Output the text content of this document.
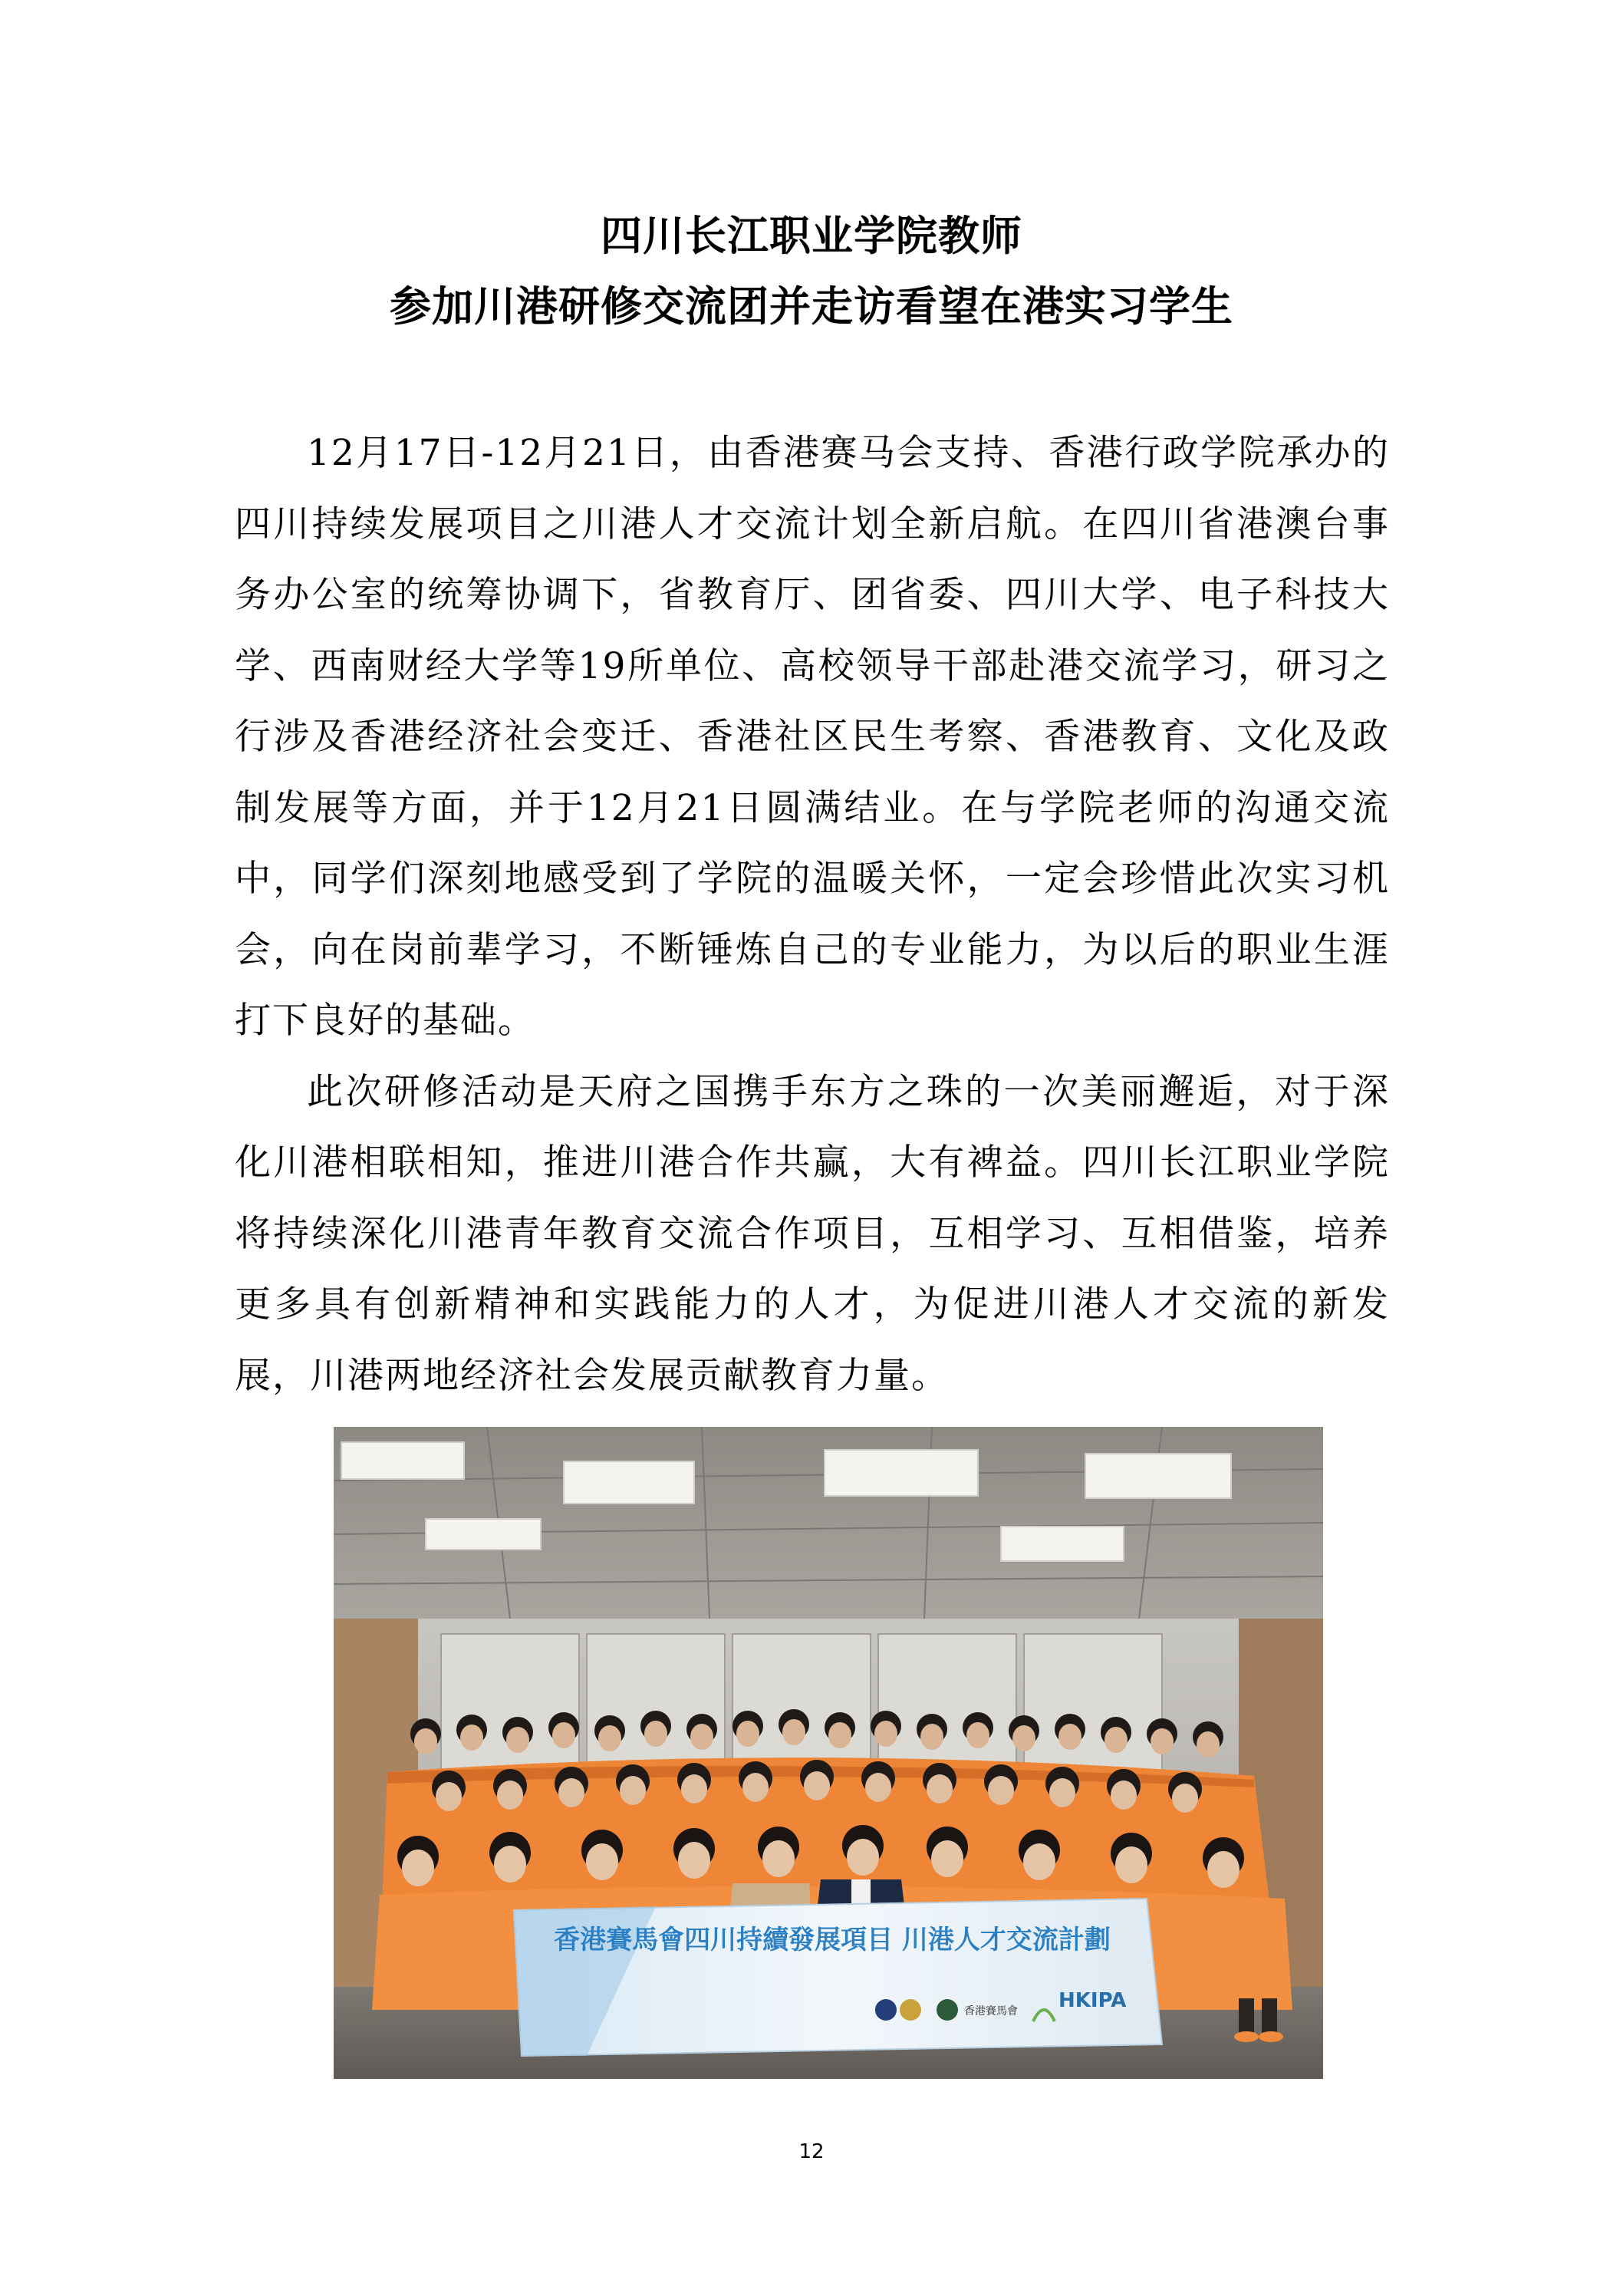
四川长江职业学院教师
参加川港研修交流团并走访看望在港实习学生

12月17日-12月21日，由香港赛马会支持、香港行政学院承办的四川持续发展项目之川港人才交流计划全新启航。在四川省港澳台事务办公室的统筹协调下，省教育厅、团省委、四川大学、电子科技大学、西南财经大学等19所单位、高校领导干部赴港交流学习，研习之行涉及香港经济社会变迁、香港社区民生考察、香港教育、文化及政制发展等方面，并于12月21日圆满结业。在与学院老师的沟通交流中，同学们深刻地感受到了学院的温暖关怀，一定会珍惜此次实习机会，向在岗前辈学习，不断锤炼自己的专业能力，为以后的职业生涯打下良好的基础。

此次研修活动是天府之国携手东方之珠的一次美丽邂逅，对于深化川港相联相知，推进川港合作共赢，大有裨益。四川长江职业学院将持续深化川港青年教育交流合作项目，互相学习、互相借鉴，培养更多具有创新精神和实践能力的人才，为促进川港人才交流的新发展，川港两地经济社会发展贡献教育力量。

香港賽馬會四川持續發展項目 川港人才交流計劃
香港賽馬會 HKIPA
12
